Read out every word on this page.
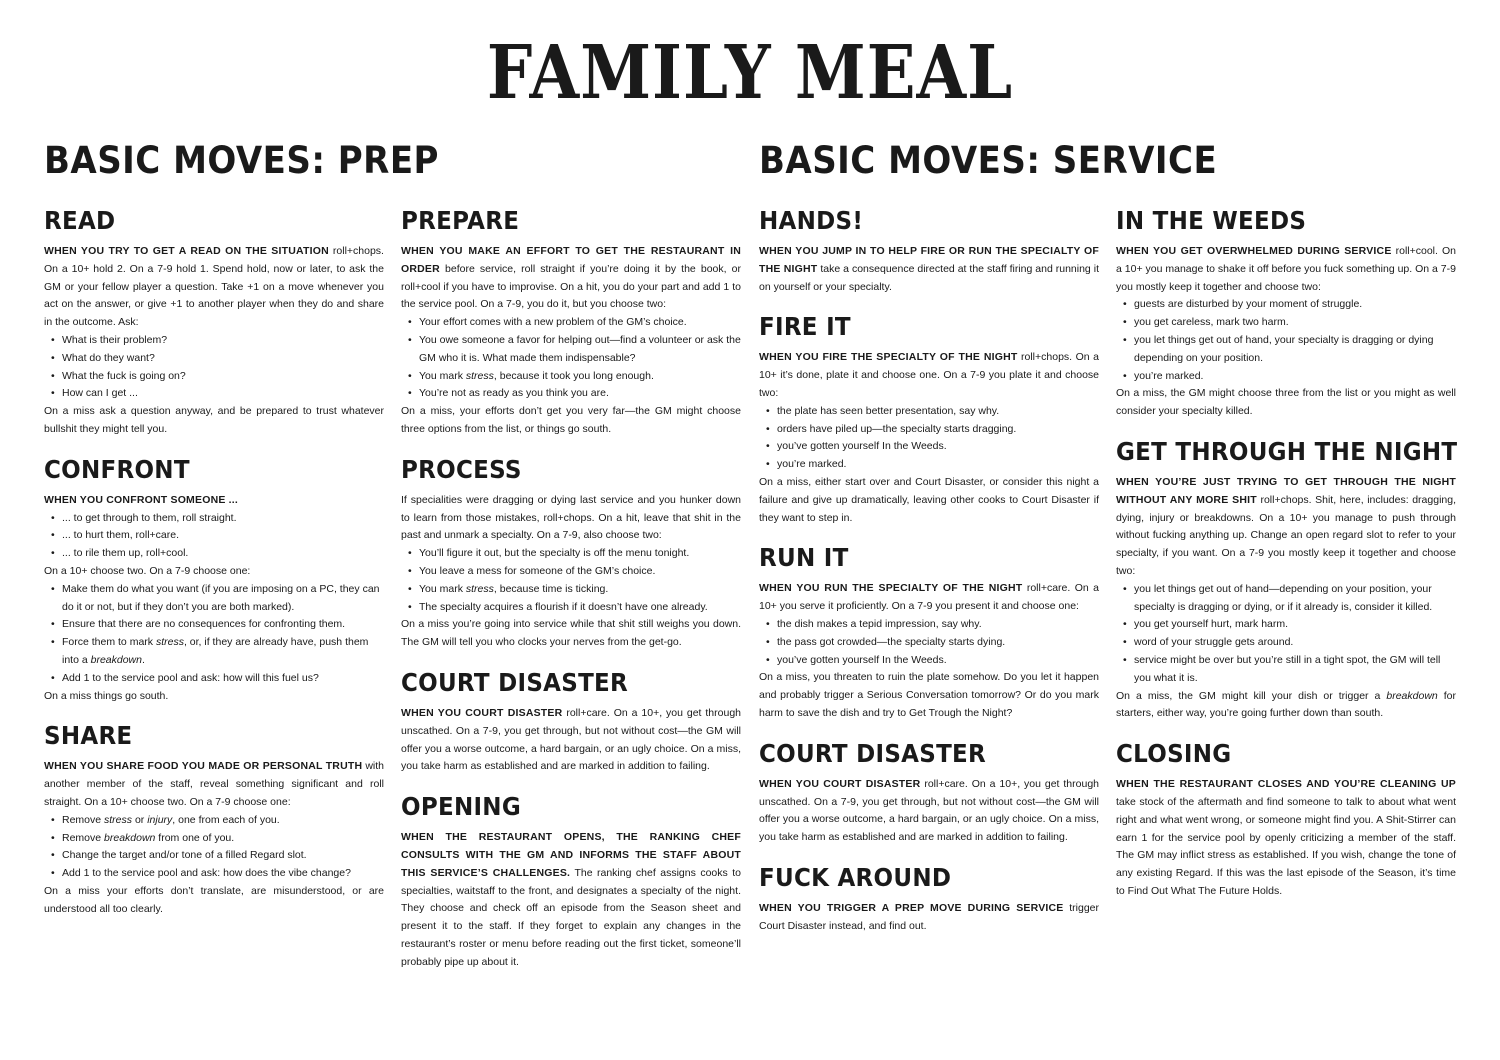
FAMILY MEAL
BASIC MOVES: PREP	BASIC MOVES: SERVICE
READ

WHEN YOU TRY TO GET A READ ON THE SITUATION roll+chops. On a 10+ hold 2. On a 7-9 hold 1. Spend hold, now or later, to ask the GM or your fellow player a question. Take +1 on a move whenever you act on the answer, or give +1 to another player when they do and share in the outcome. Ask:

• What is their problem?
• What do they want?
• What the fuck is going on?
• How can I get ...

On a miss ask a question anyway, and be prepared to trust whatever bullshit they might tell you.

CONFRONT

WHEN YOU CONFRONT SOMEONE ...

• ... to get through to them, roll straight.
• ... to hurt them, roll+care.
• ... to rile them up, roll+cool.

On a 10+ choose two. On a 7-9 choose one:

• Make them do what you want (if you are imposing on a PC, they can do it or not, but if they don’t you are both marked).
• Ensure that there are no consequences for confronting them.
• Force them to mark stress, or, if they are already have, push them into a breakdown.
• Add 1 to the service pool and ask: how will this fuel us?

On a miss things go south.

SHARE

WHEN YOU SHARE FOOD YOU MADE OR PERSONAL TRUTH with another member of the staff, reveal something significant and roll straight. On a 10+ choose two. On a 7-9 choose one:

• Remove stress or injury, one from each of you.
• Remove breakdown from one of you.
• Change the target and/or tone of a filled Regard slot.
• Add 1 to the service pool and ask: how does the vibe change?

On a miss your efforts don’t translate, are misunderstood, or are understood all too clearly.

PREPARE

WHEN YOU MAKE AN EFFORT TO GET THE RESTAURANT IN ORDER before service, roll straight if you’re doing it by the book, or roll+cool if you have to improvise. On a hit, you do your part and add 1 to the service pool. On a 7-9, you do it, but you choose two:

• Your effort comes with a new problem of the GM’s choice.
• You owe someone a favor for helping out—find a volunteer or ask the GM who it is. What made them indispensable?
• You mark stress, because it took you long enough.
• You’re not as ready as you think you are.

On a miss, your efforts don’t get you very far—the GM might choose three options from the list, or things go south.

PROCESS

If specialities were dragging or dying last service and you hunker down to learn from those mistakes, roll+chops. On a hit, leave that shit in the past and unmark a specialty. On a 7-9, also choose two:

• You’ll figure it out, but the specialty is off the menu tonight.
• You leave a mess for someone of the GM’s choice.
• You mark stress, because time is ticking.
• The specialty acquires a flourish if it doesn’t have one already.

On a miss you’re going into service while that shit still weighs you down. The GM will tell you who clocks your nerves from the get-go.

COURT DISASTER

WHEN YOU COURT DISASTER roll+care. On a 10+, you get through unscathed. On a 7-9, you get through, but not without cost—the GM will offer you a worse outcome, a hard bargain, or an ugly choice. On a miss, you take harm as established and are marked in addition to failing.

OPENING

WHEN THE RESTAURANT OPENS, THE RANKING CHEF CONSULTS WITH THE GM AND INFORMS THE STAFF ABOUT THIS SERVICE’S CHALLENGES. The ranking chef assigns cooks to specialties, waitstaff to the front, and designates a specialty of the night. They choose and check off an episode from the Season sheet and present it to the staff. If they forget to explain any changes in the restaurant’s roster or menu before reading out the first ticket, someone’ll probably pipe up about it.

HANDS!

WHEN YOU JUMP IN TO HELP FIRE OR RUN THE SPECIALTY OF THE NIGHT take a consequence directed at the staff firing and running it on yourself or your specialty.

FIRE IT

WHEN YOU FIRE THE SPECIALTY OF THE NIGHT roll+chops. On a 10+ it’s done, plate it and choose one. On a 7-9 you plate it and choose two:

• the plate has seen better presentation, say why.
• orders have piled up—the specialty starts dragging.
• you’ve gotten yourself In the Weeds.
• you’re marked.

On a miss, either start over and Court Disaster, or consider this night a failure and give up dramatically, leaving other cooks to Court Disaster if they want to step in.

RUN IT

WHEN YOU RUN THE SPECIALTY OF THE NIGHT roll+care. On a 10+ you serve it proficiently. On a 7-9 you present it and choose one:

• the dish makes a tepid impression, say why.
• the pass got crowded—the specialty starts dying.
• you’ve gotten yourself In the Weeds.

On a miss, you threaten to ruin the plate somehow. Do you let it happen and probably trigger a Serious Conversation tomorrow? Or do you mark harm to save the dish and try to Get Trough the Night?

COURT DISASTER

WHEN YOU COURT DISASTER roll+care. On a 10+, you get through unscathed. On a 7-9, you get through, but not without cost—the GM will offer you a worse outcome, a hard bargain, or an ugly choice. On a miss, you take harm as established and are marked in addition to failing.

FUCK AROUND

WHEN YOU TRIGGER A PREP MOVE DURING SERVICE trigger Court Disaster instead, and find out.

IN THE WEEDS

WHEN YOU GET OVERWHELMED DURING SERVICE roll+cool. On a 10+ you manage to shake it off before you fuck something up. On a 7-9 you mostly keep it together and choose two:

• guests are disturbed by your moment of struggle.
• you get careless, mark two harm.
• you let things get out of hand, your specialty is dragging or dying depending on your position.
• you’re marked.

On a miss, the GM might choose three from the list or you might as well consider your specialty killed.

GET THROUGH THE NIGHT

WHEN YOU’RE JUST TRYING TO GET THROUGH THE NIGHT WITHOUT ANY MORE SHIT roll+chops. Shit, here, includes: dragging, dying, injury or breakdowns. On a 10+ you manage to push through without fucking anything up. Change an open regard slot to refer to your specialty, if you want. On a 7-9 you mostly keep it together and choose two:

• you let things get out of hand—depending on your position, your specialty is dragging or dying, or if it already is, consider it killed.
• you get yourself hurt, mark harm.
• word of your struggle gets around.
• service might be over but you’re still in a tight spot, the GM will tell you what it is.

On a miss, the GM might kill your dish or trigger a breakdown for starters, either way, you’re going further down than south.

CLOSING

WHEN THE RESTAURANT CLOSES AND YOU’RE CLEANING UP take stock of the aftermath and find someone to talk to about what went right and what went wrong, or someone might find you. A Shit-Stirrer can earn 1 for the service pool by openly criticizing a member of the staff. The GM may inflict stress as established. If you wish, change the tone of any existing Regard. If this was the last episode of the Season, it’s time to Find Out What The Future Holds.
